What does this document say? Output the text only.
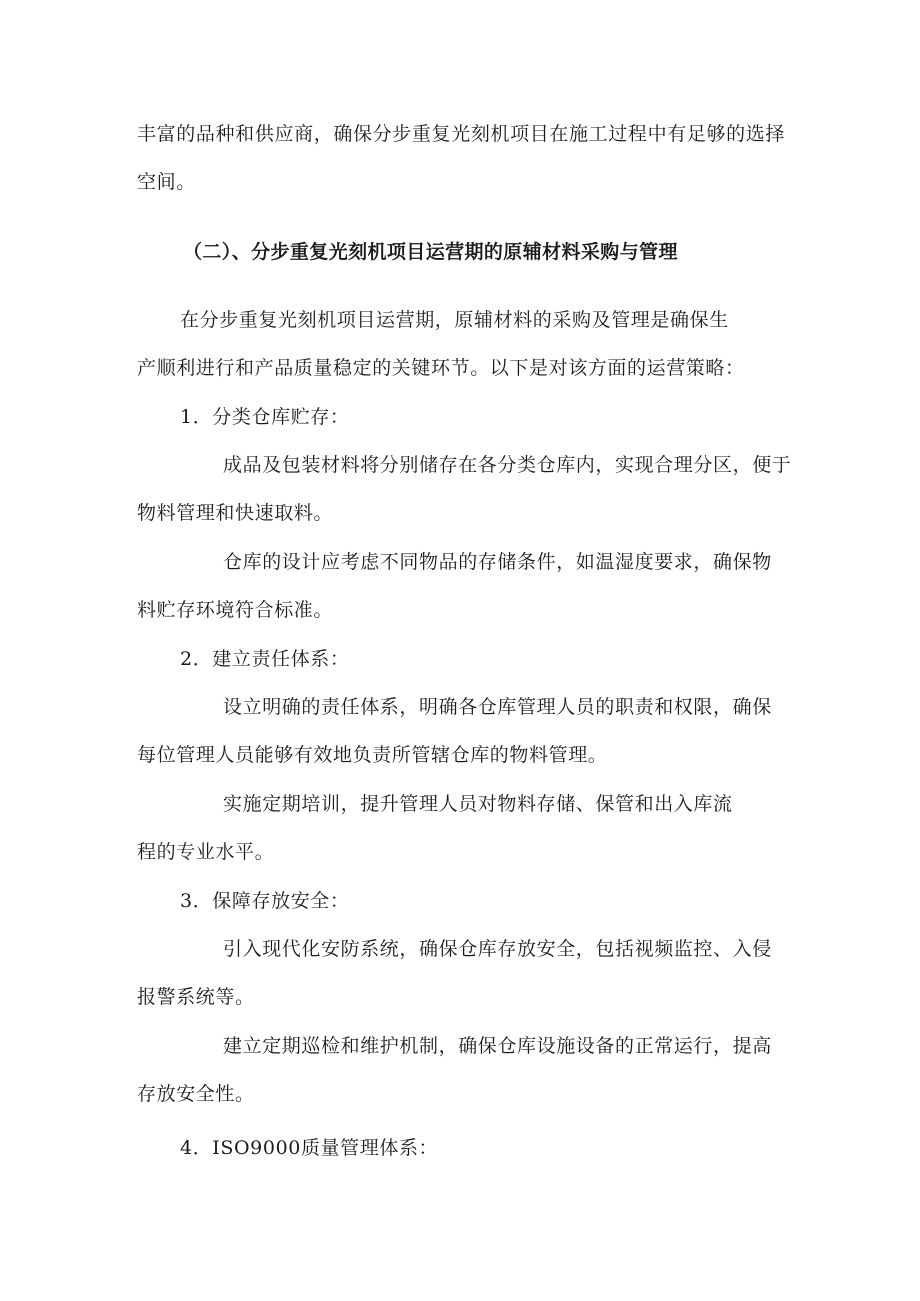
丰富的品种和供应商，确保分步重复光刻机项目在施工过程中有足够的选择
空间。
（二）、分步重复光刻机项目运营期的原辅材料采购与管理
在分步重复光刻机项目运营期，原辅材料的采购及管理是确保生
产顺利进行和产品质量稳定的关键环节。以下是对该方面的运营策略：
1．分类仓库贮存：
成品及包装材料将分别储存在各分类仓库内，实现合理分区，便于
物料管理和快速取料。
仓库的设计应考虑不同物品的存储条件，如温湿度要求，确保物
料贮存环境符合标准。
2．建立责任体系：
设立明确的责任体系，明确各仓库管理人员的职责和权限，确保
每位管理人员能够有效地负责所管辖仓库的物料管理。
实施定期培训，提升管理人员对物料存储、保管和出入库流
程的专业水平。
3．保障存放安全：
引入现代化安防系统，确保仓库存放安全，包括视频监控、入侵
报警系统等。
建立定期巡检和维护机制，确保仓库设施设备的正常运行，提高
存放安全性。
4．ISO9000质量管理体系：
